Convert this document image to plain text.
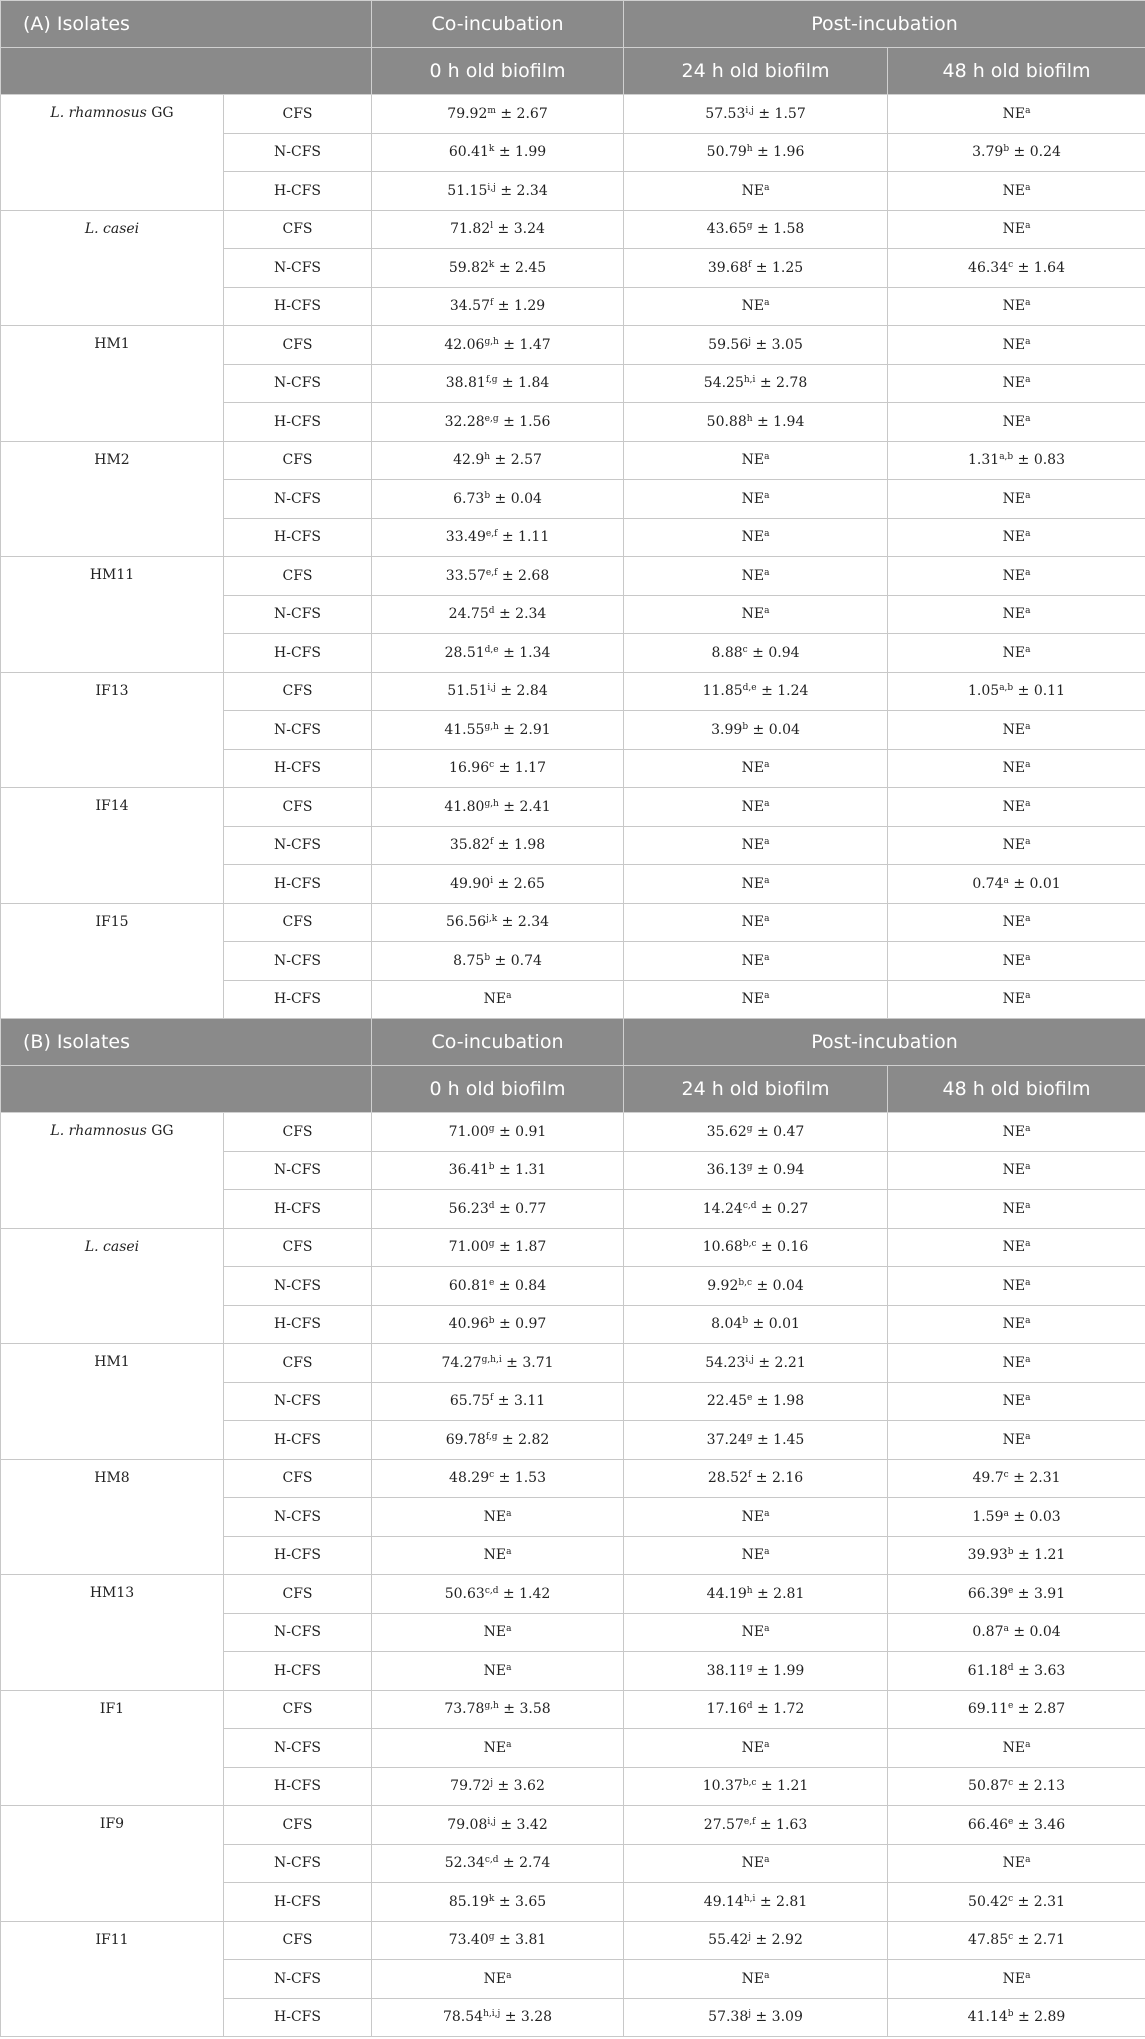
(A) Isolates		Co-incubation	Post-incubation	
		0 h old biofilm	24 h old biofilm	48 h old biofilm
L. rhamnosus GG	CFS	$79.92^m \pm 2.67$	$57.53^{i,j} \pm 1.57$	$NE^a$
	N-CFS	$60.41^k \pm 1.99$	50.79$^h$ ± 1.96	3.79$^b$ ± 0.24
	H-CFS	$51.15^{i,j} \pm 2.34$	$NE^a$	$NE^a$
L. casei	CFS	$71.82^l \pm 3.24$	43.65$^g$ ± 1.58	$NE^a$
	N-CFS	$59.82^k \pm 2.45$	39.68$^f$ ± 1.25	46.34$^c$ ± 1.64
	H-CFS	34.57$^f$ ± 1.29	$NE^a$	$NE^a$
HM1	CFS	$42.06^{g,h} \pm 1.47$	$59.56^j \pm 3.05$	$NE^a$
	N-CFS	$38.81^{f,g} \pm 1.84$	$54.25^{h,i} \pm 2.78$	$NE^a$
	H-CFS	$32.28^{e,g} \pm 1.56$	50.88$^h$ ± 1.94	$NE^a$
HM2	CFS	42.9$^h$ ± 2.57	$NE^a$	$1.31^{a,b} \pm 0.83$
	N-CFS	6.73$^b$ ± 0.04	$NE^a$	$NE^a$
	H-CFS	$33.49^{e,f} \pm 1.11$	$NE^a$	$NE^a$
HM11	CFS	$33.57^{e,f} \pm 2.68$	$NE^a$	$NE^a$
	N-CFS	24.75$^d$ ± 2.34	$NE^a$	$NE^a$
	H-CFS	$28.51^{d,e} \pm 1.34$	8.88$^c$ ± 0.94	$NE^a$
IF13	CFS	$51.51^{i,j} \pm 2.84$	$11.85^{d,e} \pm 1.24$	$1.05^{a,b} \pm 0.11$
	N-CFS	$41.55^{g,h} \pm 2.91$	3.99$^b$ ± 0.04	$NE^a$
	H-CFS	16.96$^c$ ± 1.17	$NE^a$	$NE^a$
IF14	CFS	$41.80^{g,h} \pm 2.41$	$NE^a$	$NE^a$
	N-CFS	35.82$^f$ ± 1.98	$NE^a$	$NE^a$
	H-CFS	$49.90^i \pm 2.65$	$NE^a$	0.74$^a$ ± 0.01
IF15	CFS	$56.56^{j,k} \pm 2.34$	$NE^a$	$NE^a$
	N-CFS	8.75$^b$ ± 0.74	$NE^a$	$NE^a$
	H-CFS	$NE^a$	$NE^a$	$NE^a$
(B) Isolates		Co-incubation	Post-incubation	
		0 h old biofilm	24 h old biofilm	48 h old biofilm
L. rhamnosus GG	CFS	71.00$^g$ ± 0.91	35.62$^g$ ± 0.47	$NE^a$
	N-CFS	36.41$^b$ ± 1.31	36.13$^g$ ± 0.94	$NE^a$
	H-CFS	56.23$^d$ ± 0.77	$14.24^{c,d} \pm 0.27$	$NE^a$
L. casei	CFS	71.00$^g$ ± 1.87	$10.68^{b,c} \pm 0.16$	$NE^a$
	N-CFS	60.81$^e$ ± 0.84	$9.92^{b,c} \pm 0.04$	$NE^a$
	H-CFS	40.96$^b$ ± 0.97	8.04$^b$ ± 0.01	$NE^a$
HM1	CFS	$74.27^{g,h,i} \pm 3.71$	$54.23^{i,j} \pm 2.21$	$NE^a$
	N-CFS	65.75$^f$ ± 3.11	22.45$^e$ ± 1.98	$NE^a$
	H-CFS	$69.78^{f,g} \pm 2.82$	37.24$^g$ ± 1.45	$NE^a$
HM8	CFS	48.29$^c$ ± 1.53	28.52$^f$ ± 2.16	49.7$^c$ ± 2.31
	N-CFS	$NE^a$	$NE^a$	1.59$^a$ ± 0.03
	H-CFS	$NE^a$	$NE^a$	39.93$^b$ ± 1.21
HM13	CFS	$50.63^{c,d} \pm 1.42$	44.19$^h$ ± 2.81	66.39$^e$ ± 3.91
	N-CFS	$NE^a$	$NE^a$	0.87$^a$ ± 0.04
	H-CFS	$NE^a$	38.11$^g$ ± 1.99	61.18$^d$ ± 3.63
IF1	CFS	$73.78^{g,h} \pm 3.58$	17.16$^d$ ± 1.72	69.11$^e$ ± 2.87
	N-CFS	$NE^a$	$NE^a$	$NE^a$
	H-CFS	$79.72^j \pm 3.62$	$10.37^{b,c} \pm 1.21$	50.87$^c$ ± 2.13
IF9	CFS	$79.08^{i,j} \pm 3.42$	$27.57^{e,f} \pm 1.63$	66.46$^e$ ± 3.46
	N-CFS	$52.34^{c,d} \pm 2.74$	$NE^a$	$NE^a$
	H-CFS	$85.19^k \pm 3.65$	$49.14^{h,i} \pm 2.81$	50.42$^c$ ± 2.31
IF11	CFS	73.40$^g$ ± 3.81	$55.42^j \pm 2.92$	47.85$^c$ ± 2.71
	N-CFS	$NE^a$	$NE^a$	$NE^a$
	H-CFS	$78.54^{h,i,j} \pm 3.28$	$57.38^j \pm 3.09$	41.14$^b$ ± 2.89
